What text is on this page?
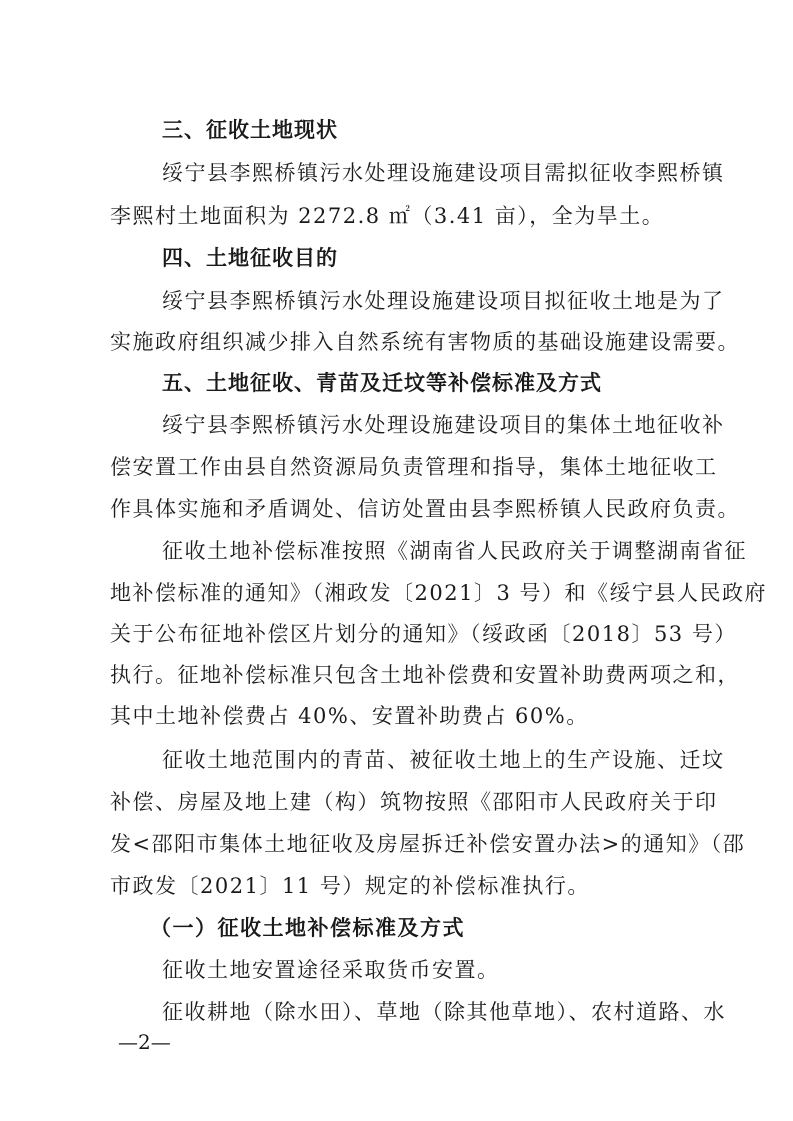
三、征收土地现状
绥宁县李熙桥镇污水处理设施建设项目需拟征收李熙桥镇
李熙村土地面积为 2272.8 ㎡（3.41 亩），全为旱土。
四、土地征收目的
绥宁县李熙桥镇污水处理设施建设项目拟征收土地是为了
实施政府组织减少排入自然系统有害物质的基础设施建设需要。
五、土地征收、青苗及迁坟等补偿标准及方式
绥宁县李熙桥镇污水处理设施建设项目的集体土地征收补
偿安置工作由县自然资源局负责管理和指导，集体土地征收工
作具体实施和矛盾调处、信访处置由县李熙桥镇人民政府负责。
征收土地补偿标准按照《湖南省人民政府关于调整湖南省征
地补偿标准的通知》（湘政发〔2021〕3 号）和《绥宁县人民政府
关于公布征地补偿区片划分的通知》（绥政函〔2018〕53 号）
执行。征地补偿标准只包含土地补偿费和安置补助费两项之和，
其中土地补偿费占 40%、安置补助费占 60%。
征收土地范围内的青苗、被征收土地上的生产设施、迁坟
补偿、房屋及地上建（构）筑物按照《邵阳市人民政府关于印
发<邵阳市集体土地征收及房屋拆迁补偿安置办法>的通知》（邵
市政发〔2021〕11 号）规定的补偿标准执行。
（一）征收土地补偿标准及方式
征收土地安置途径采取货币安置。
征收耕地（除水田）、草地（除其他草地）、农村道路、水
—2—
